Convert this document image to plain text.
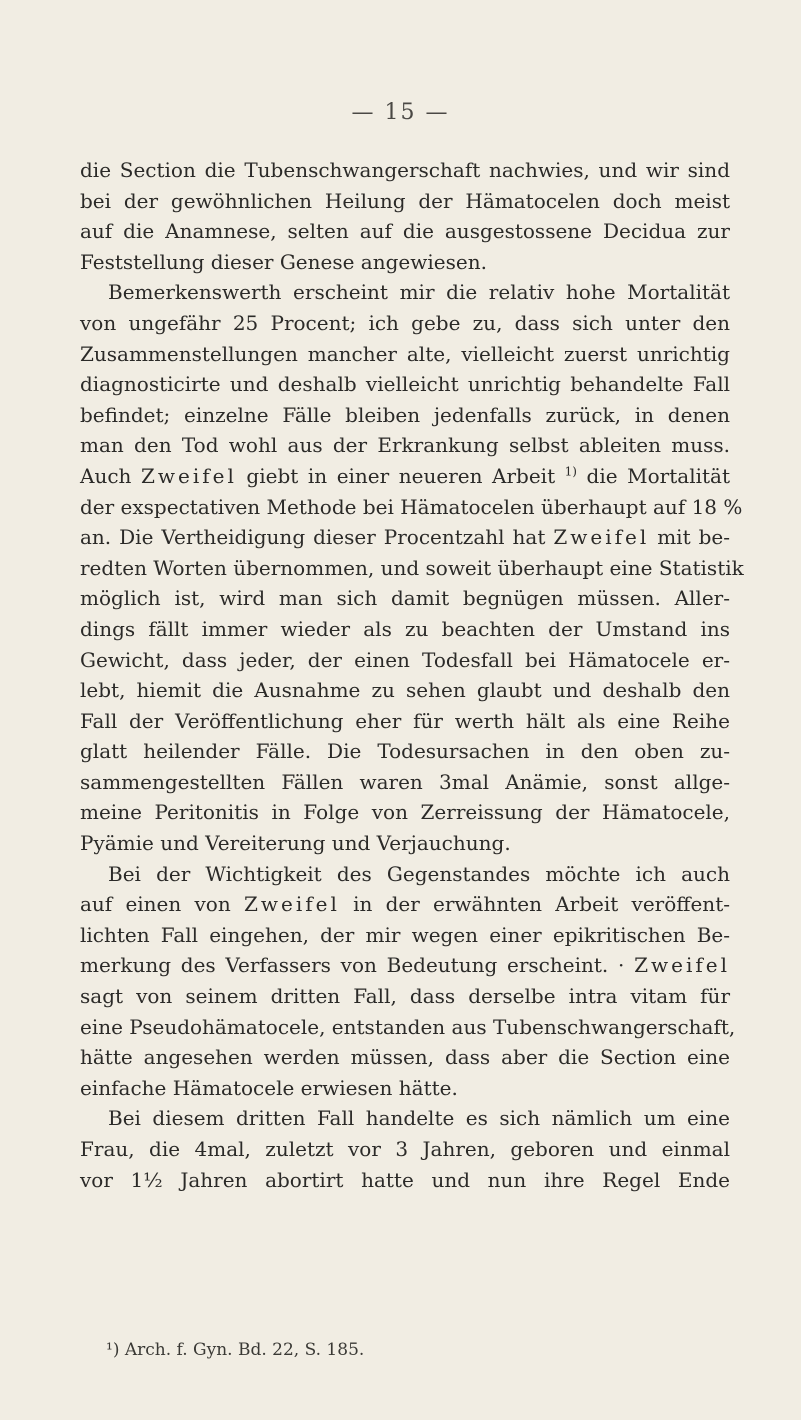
— 15 —
die Section die Tubenschwangerschaft nachwies, und wir sind
bei der gewöhnlichen Heilung der Hämatocelen doch meist
auf die Anamnese, selten auf die ausgestossene Decidua zur
Feststellung dieser Genese angewiesen.
Bemerkenswerth erscheint mir die relativ hohe Mortalität
von ungefähr 25 Procent; ich gebe zu, dass sich unter den
Zusammenstellungen mancher alte, vielleicht zuerst unrichtig
diagnosticirte und deshalb vielleicht unrichtig behandelte Fall
befindet; einzelne Fälle bleiben jedenfalls zurück, in denen
man den Tod wohl aus der Erkrankung selbst ableiten muss.
Auch Zweifel giebt in einer neueren Arbeit $^{1)}$ die Mortalität
der exspectativen Methode bei Hämatocelen überhaupt auf 18 %
an. Die Vertheidigung dieser Procentzahl hat Zweifel mit be-
redten Worten übernommen, und soweit überhaupt eine Statistik
möglich ist, wird man sich damit begnügen müssen. Aller-
dings fällt immer wieder als zu beachten der Umstand ins
Gewicht, dass jeder, der einen Todesfall bei Hämatocele er-
lebt, hiemit die Ausnahme zu sehen glaubt und deshalb den
Fall der Veröffentlichung eher für werth hält als eine Reihe
glatt heilender Fälle. Die Todesursachen in den oben zu-
sammengestellten Fällen waren 3mal Anämie, sonst allge-
meine Peritonitis in Folge von Zerreissung der Hämatocele,
Pyämie und Vereiterung und Verjauchung.
Bei der Wichtigkeit des Gegenstandes möchte ich auch
auf einen von Zweifel in der erwähnten Arbeit veröffent-
lichten Fall eingehen, der mir wegen einer epikritischen Be-
merkung des Verfassers von Bedeutung erscheint. · Zweifel
sagt von seinem dritten Fall, dass derselbe intra vitam für
eine Pseudohämatocele, entstanden aus Tubenschwangerschaft,
hätte angesehen werden müssen, dass aber die Section eine
einfache Hämatocele erwiesen hätte.
Bei diesem dritten Fall handelte es sich nämlich um eine
Frau, die 4mal, zuletzt vor 3 Jahren, geboren und einmal
vor 1½ Jahren abortirt hatte und nun ihre Regel Ende
¹) Arch. f. Gyn. Bd. 22, S. 185.
